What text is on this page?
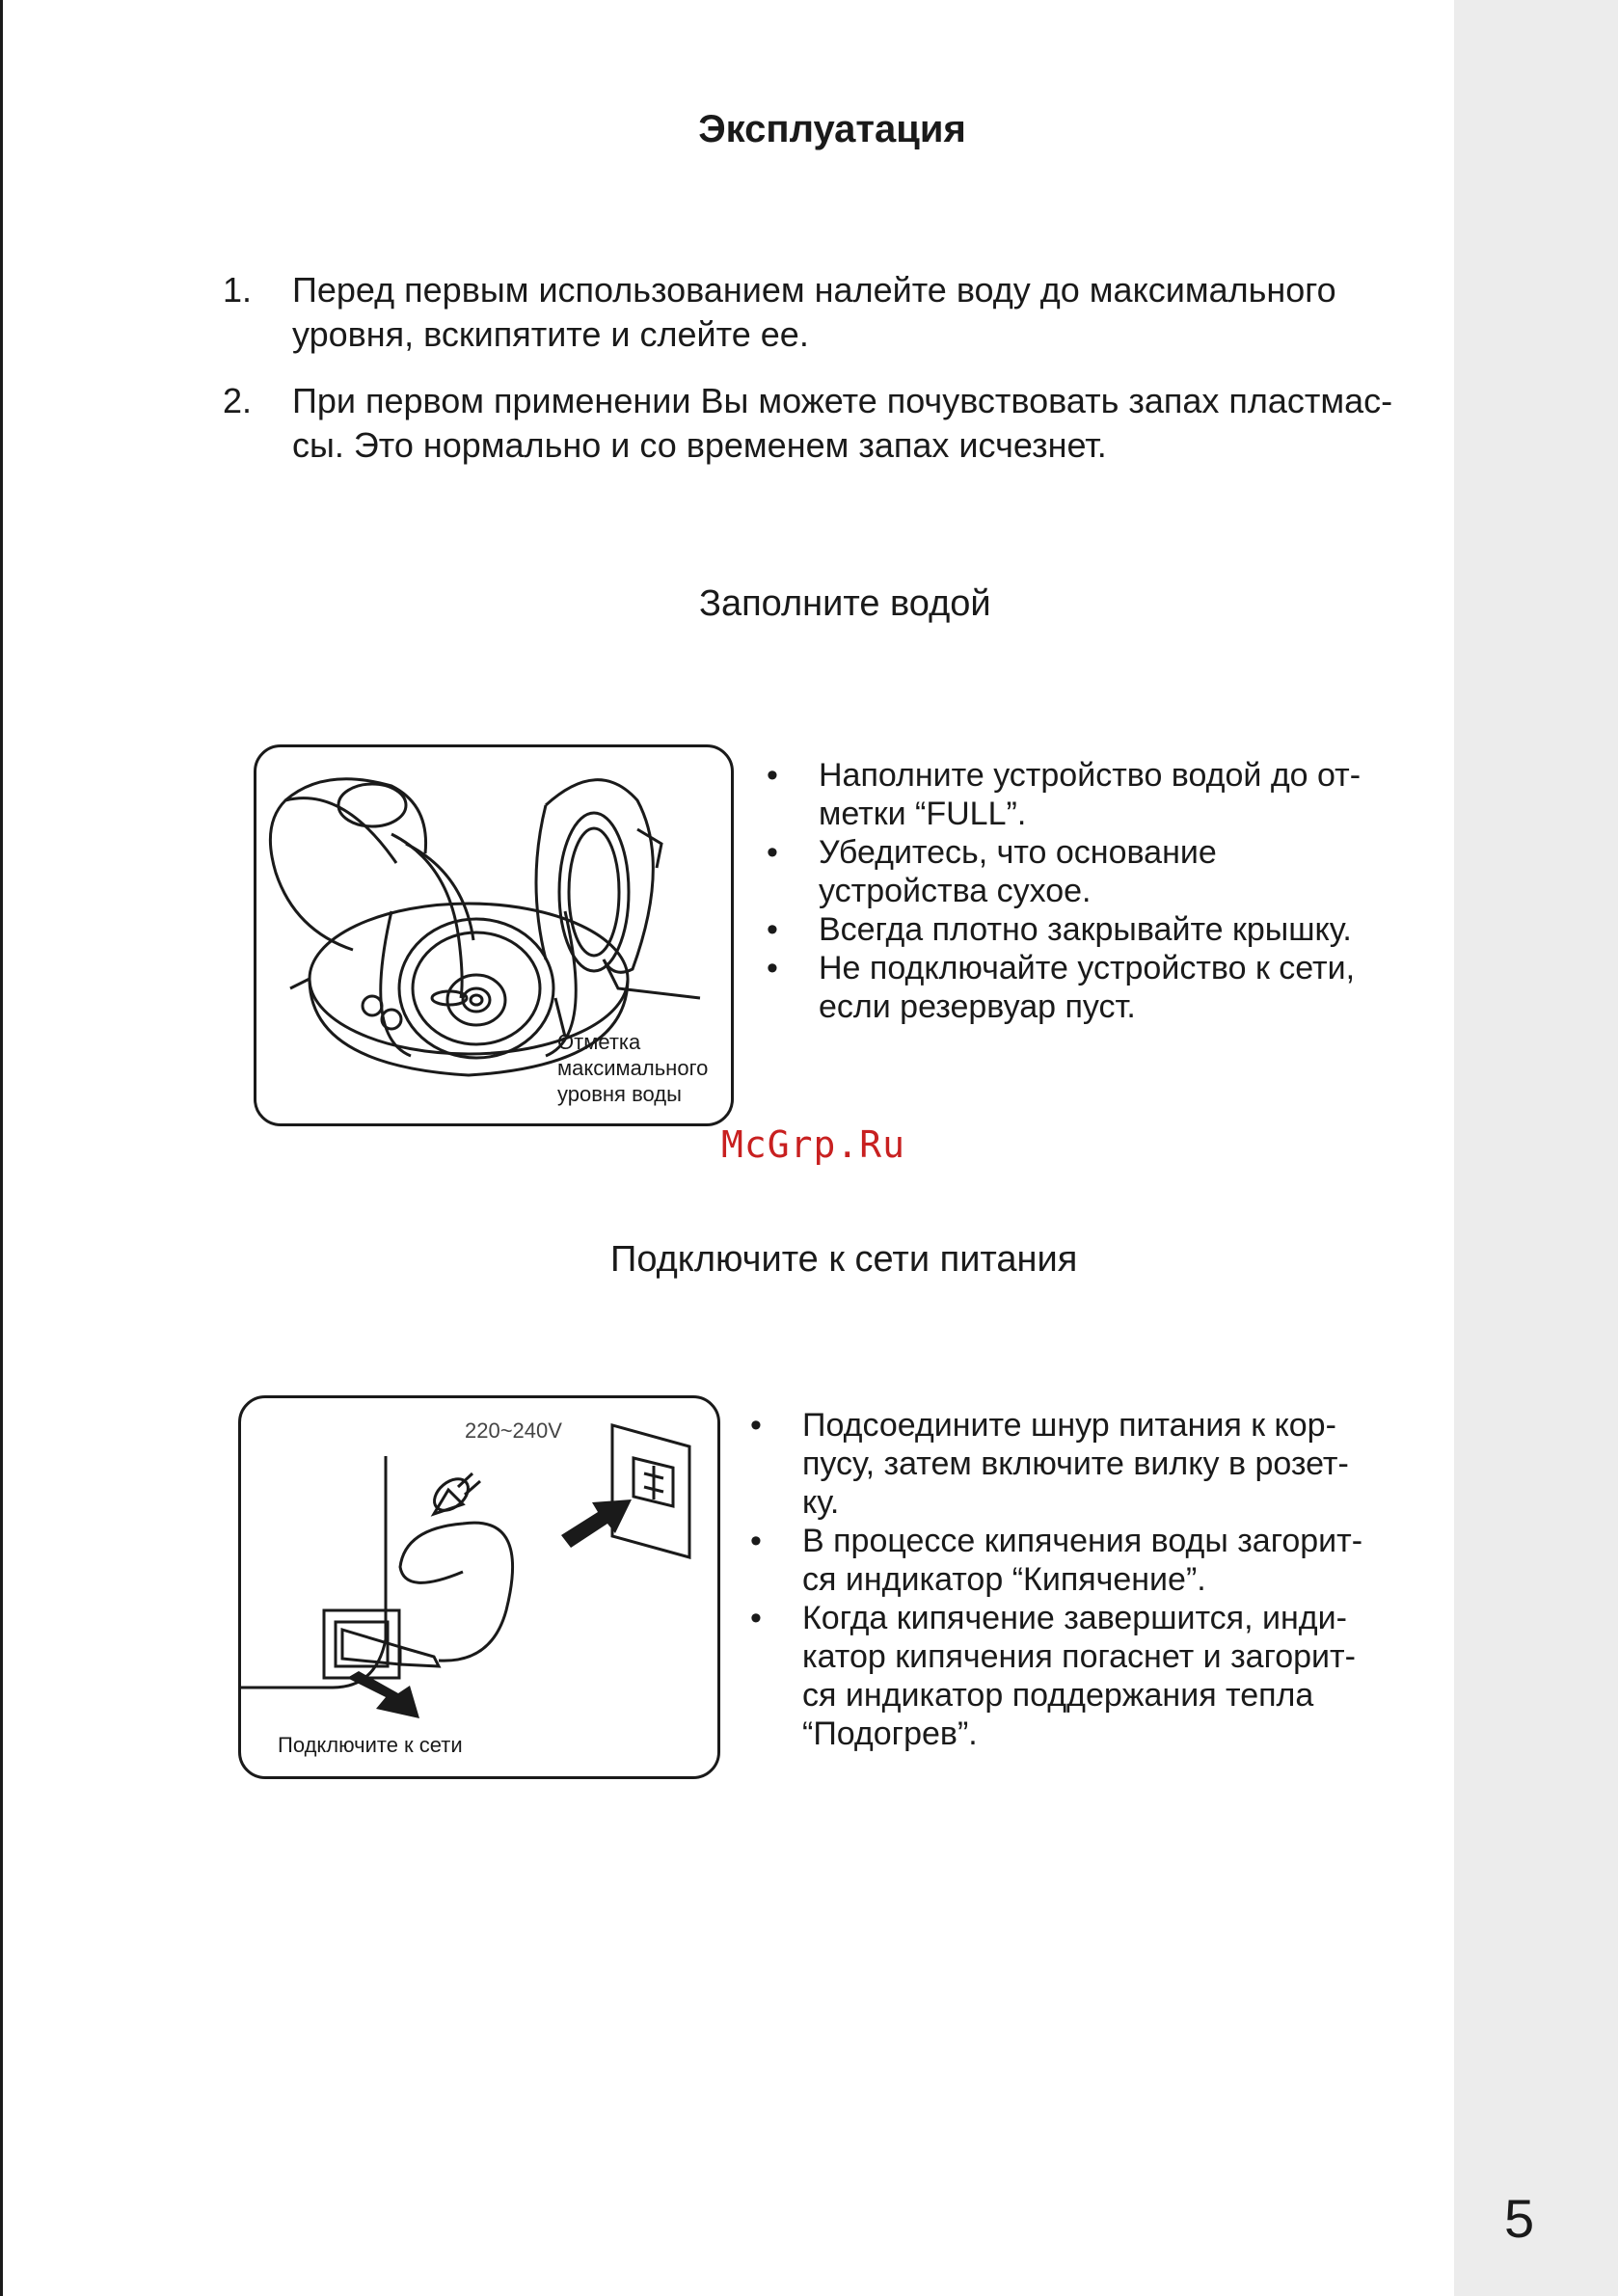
Эксплуатация
1. Перед первым использованием налейте воду до максимального
уровня, вскипятите и слейте ее.
2. При первом применении Вы можете почувствовать запах пластмас-
сы. Это нормально и со временем запах исчезнет.
Заполните водой
Отметка
максимального
уровня воды
• Наполните устройство водой до от-
метки “FULL”.
• Убедитесь, что основание
устройства сухое.
• Всегда плотно закрывайте крышку.
• Не подключайте устройство к сети,
если резервуар пуст.
McGrp.Ru
Подключите к сети питания
220~240V
Подключите к сети
• Подсоедините шнур питания к кор-
пусу, затем включите вилку в розет-
ку.
• В процессе кипячения воды загорит-
ся индикатор “Кипячение”.
• Когда кипячение завершится, инди-
катор кипячения погаснет и загорит-
ся индикатор поддержания тепла
“Подогрев”.
5
